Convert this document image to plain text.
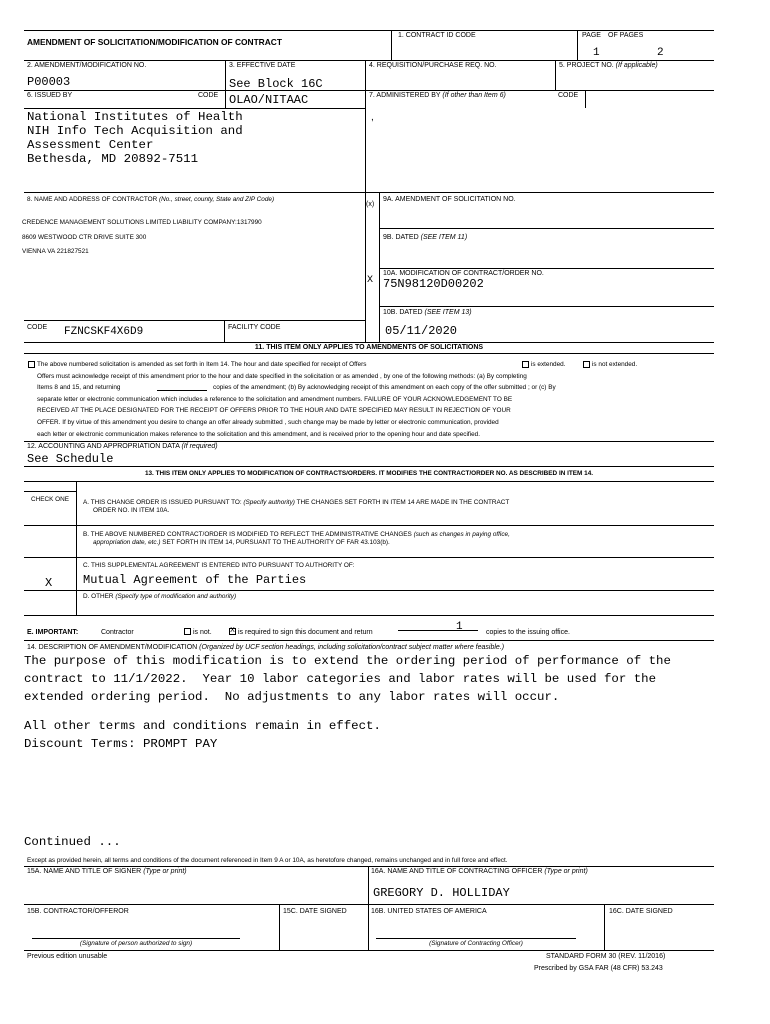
AMENDMENT OF SOLICITATION/MODIFICATION OF CONTRACT
1. CONTRACT ID CODE	PAGE OF PAGES
1	2
2. AMENDMENT/MODIFICATION NO.
P00003
3. EFFECTIVE DATE
See Block 16C
4. REQUISITION/PURCHASE REQ. NO.	5. PROJECT NO. (If applicable)
6. ISSUED BY	CODE OLAO/NITAAC	7. ADMINISTERED BY (If other than Item 6)	CODE
,
National Institutes of Health
NIH Info Tech Acquisition and
Assessment Center
Bethesda, MD 20892-7511
8. NAME AND ADDRESS OF CONTRACTOR (No., street, county, State and ZIP Code)
CREDENCE MANAGEMENT SOLUTIONS LIMITED LIABILITY COMPANY:1317990
8609 WESTWOOD CTR DRIVE SUITE 300
VIENNA VA 221827521
CODE FZNCSKF4X6D9	FACILITY CODE
(x)
9A. AMENDMENT OF SOLICITATION NO.
9B. DATED (SEE ITEM 11)
X
10A. MODIFICATION OF CONTRACT/ORDER NO.
75N98120D00202
10B. DATED (SEE ITEM 13)
05/11/2020
11. THIS ITEM ONLY APPLIES TO AMENDMENTS OF SOLICITATIONS
The above numbered solicitation is amended as set forth in Item 14. The hour and date specified for receipt of Offers	is extended.	is not extended.
Offers must acknowledge receipt of this amendment prior to the hour and date specified in the solicitation or as amended , by one of the following methods: (a) By completing
Items 8 and 15, and returning	copies of the amendment; (b) By acknowledging receipt of this amendment on each copy of the offer submitted ; or (c) By
separate letter or electronic communication which includes a reference to the solicitation and amendment numbers. FAILURE OF YOUR ACKNOWLEDGEMENT TO BE
RECEIVED AT THE PLACE DESIGNATED FOR THE RECEIPT OF OFFERS PRIOR TO THE HOUR AND DATE SPECIFIED MAY RESULT IN REJECTION OF YOUR
OFFER. If by virtue of this amendment you desire to change an offer already submitted , such change may be made by letter or electronic communication, provided
each letter or electronic communication makes reference to the solicitation and this amendment, and is received prior to the opening hour and date specified.
12. ACCOUNTING AND APPROPRIATION DATA (If required)
See Schedule
13. THIS ITEM ONLY APPLIES TO MODIFICATION OF CONTRACTS/ORDERS. IT MODIFIES THE CONTRACT/ORDER NO. AS DESCRIBED IN ITEM 14.
CHECK ONE A. THIS CHANGE ORDER IS ISSUED PURSUANT TO: (Specify authority) THE CHANGES SET FORTH IN ITEM 14 ARE MADE IN THE CONTRACT
ORDER NO. IN ITEM 10A.
B. THE ABOVE NUMBERED CONTRACT/ORDER IS MODIFIED TO REFLECT THE ADMINISTRATIVE CHANGES (such as changes in paying office,
appropriation date, etc.) SET FORTH IN ITEM 14, PURSUANT TO THE AUTHORITY OF FAR 43.103(b).
C. THIS SUPPLEMENTAL AGREEMENT IS ENTERED INTO PURSUANT TO AUTHORITY OF:
X	Mutual Agreement of the Parties
D. OTHER (Specify type of modification and authority)
E. IMPORTANT:	Contractor	is not.	X is required to sign this document and return	1	copies to the issuing office.
14. DESCRIPTION OF AMENDMENT/MODIFICATION (Organized by UCF section headings, including solicitation/contract subject matter where feasible.)
The purpose of this modification is to extend the ordering period of performance of the
contract to 11/1/2022.  Year 10 labor categories and labor rates will be used for the
extended ordering period.  No adjustments to any labor rates will occur.
All other terms and conditions remain in effect.
Discount Terms: PROMPT PAY
Continued ...
Except as provided herein, all terms and conditions of the document referenced in Item 9 A or 10A, as heretofore changed, remains unchanged and in full force and effect.
15A. NAME AND TITLE OF SIGNER (Type or print)	16A. NAME AND TITLE OF CONTRACTING OFFICER (Type or print)
GREGORY D. HOLLIDAY
15B. CONTRACTOR/OFFEROR	15C. DATE SIGNED	16B. UNITED STATES OF AMERICA	16C. DATE SIGNED
(Signature of person authorized to sign)	(Signature of Contracting Officer)
Previous edition unusable	STANDARD FORM 30 (REV. 11/2016)
Prescribed by GSA FAR (48 CFR) 53.243
